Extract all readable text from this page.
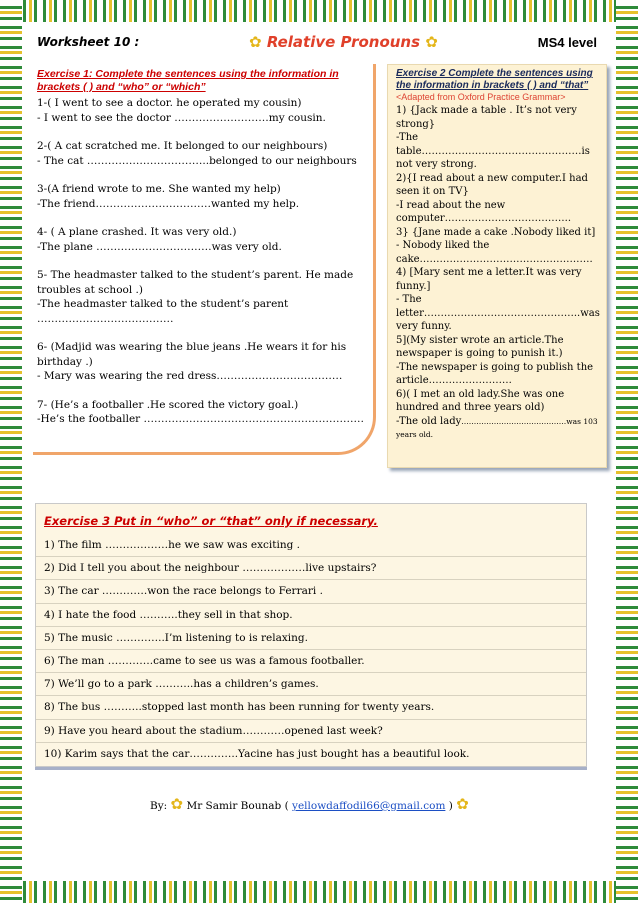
Worksheet 10 :	✿ Relative Pronouns ✿	MS4 level
Exercise 1: Complete the sentences using the information in brackets ( ) and “who” or “which”
1-( I went to see a doctor. he operated my cousin)
- I went to see the doctor ………………………my cousin.
2-( A cat scratched me. It belonged to our neighbours)
- The cat ……………………………..belonged to our neighbours
3-(A friend wrote to me. She wanted my help)
-The friend……………………………wanted my help.
4- ( A plane crashed. It was very old.)
-The plane ……………………………was very old.
5- The headmaster talked to the student’s parent. He made
troubles at school .)
-The headmaster talked to the student’s parent
…………………………………
6- (Madjid was wearing the blue jeans .He wears it for his
birthday .)
- Mary was wearing the red dress………………………………
7- (He’s a footballer .He scored the victory goal.)
-He’s the footballer ………………………………………………………
Exercise 2 Complete the sentences using the information in brackets ( ) and “that”
<Adapted from Oxford Practice Grammar>
1) {Jack made a table . It’s not very
strong}
-The table…………………………………………is
not very strong.
2){I read about a new computer.I had
seen it on TV}
-I read about the new
computer………………………………..
3} {Jane made a cake .Nobody liked it]
- Nobody liked the
cake…………………………………………….
4) [Mary sent me a letter.It was very
funny.]
- The letter………………………………………..was
very funny.
5](My sister wrote an article.The
newspaper is going to punish it.)
-The newspaper is going to publish the
article…………………….
6)( I met an old lady.She was one
hundred and three years old)
-The old lady……………………………………was 103
years old.
Exercise 3 Put in “who” or “that” only if necessary.
1) The film ………………he we saw was exciting .
2) Did I tell you about the neighbour ………………live upstairs?
3) The car ………….won the race belongs to Ferrari .
4) I hate the food ………..they sell in that shop.
5) The music …………..I’m listening to is relaxing.
6) The man ………….came to see us was a famous footballer.
7) We’ll go to a park ………..has a children’s games.
8) The bus ………..stopped last month has been running for twenty years.
9) Have you heard about the stadium…………opened last week?
10) Karim says that the car…………..Yacine has just bought has a beautiful look.
By: ✿ Mr Samir Bounab ( yellowdaffodil66@gmail.com ) ✿
